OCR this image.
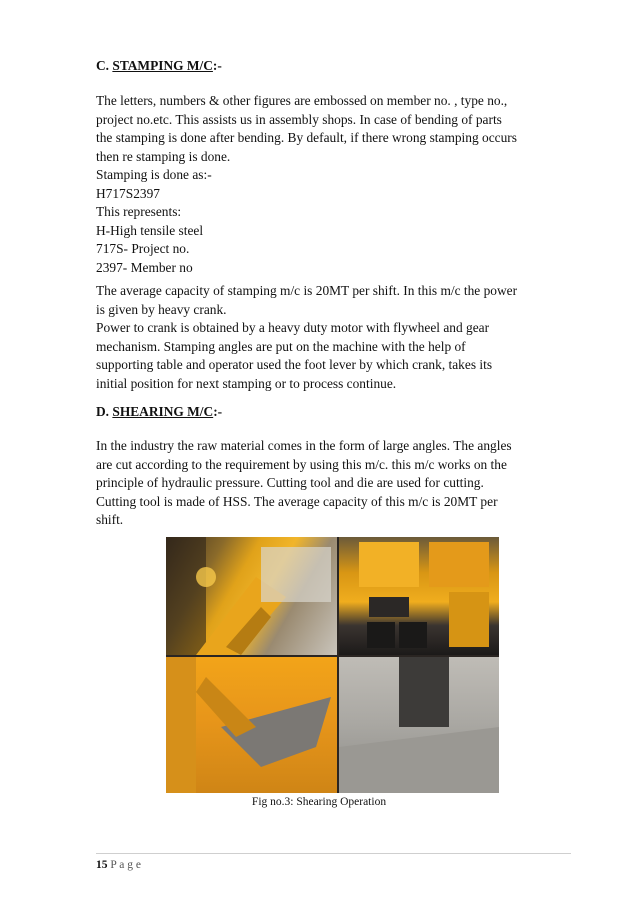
C. STAMPING M/C:-

The letters, numbers & other figures are embossed on member no. , type no.,

project no.etc. This assists us in assembly shops. In case of bending of parts

the stamping is done after bending. By default, if there wrong stamping occurs

then re stamping is done.

Stamping is done as:-

H717S2397

This represents:

H-High tensile steel

717S- Project no.

2397- Member no

The average capacity of stamping m/c is 20MT per shift. In this m/c the power

is given by heavy crank.

Power to crank is obtained by a heavy duty motor with flywheel and gear

mechanism. Stamping angles are put on the machine with the help of

supporting table and operator used the foot lever by which crank, takes its

initial position for next stamping or to process continue.

D. SHEARING M/C:-

In the industry the raw material comes in the form of large angles. The angles

are cut according to the requirement by using this m/c. this m/c works on the

principle of hydraulic pressure. Cutting tool and die are used for cutting.

Cutting tool is made of HSS. The average capacity of this m/c is 20MT per

shift.

Fig no.3: Shearing Operation
15 P a g e
